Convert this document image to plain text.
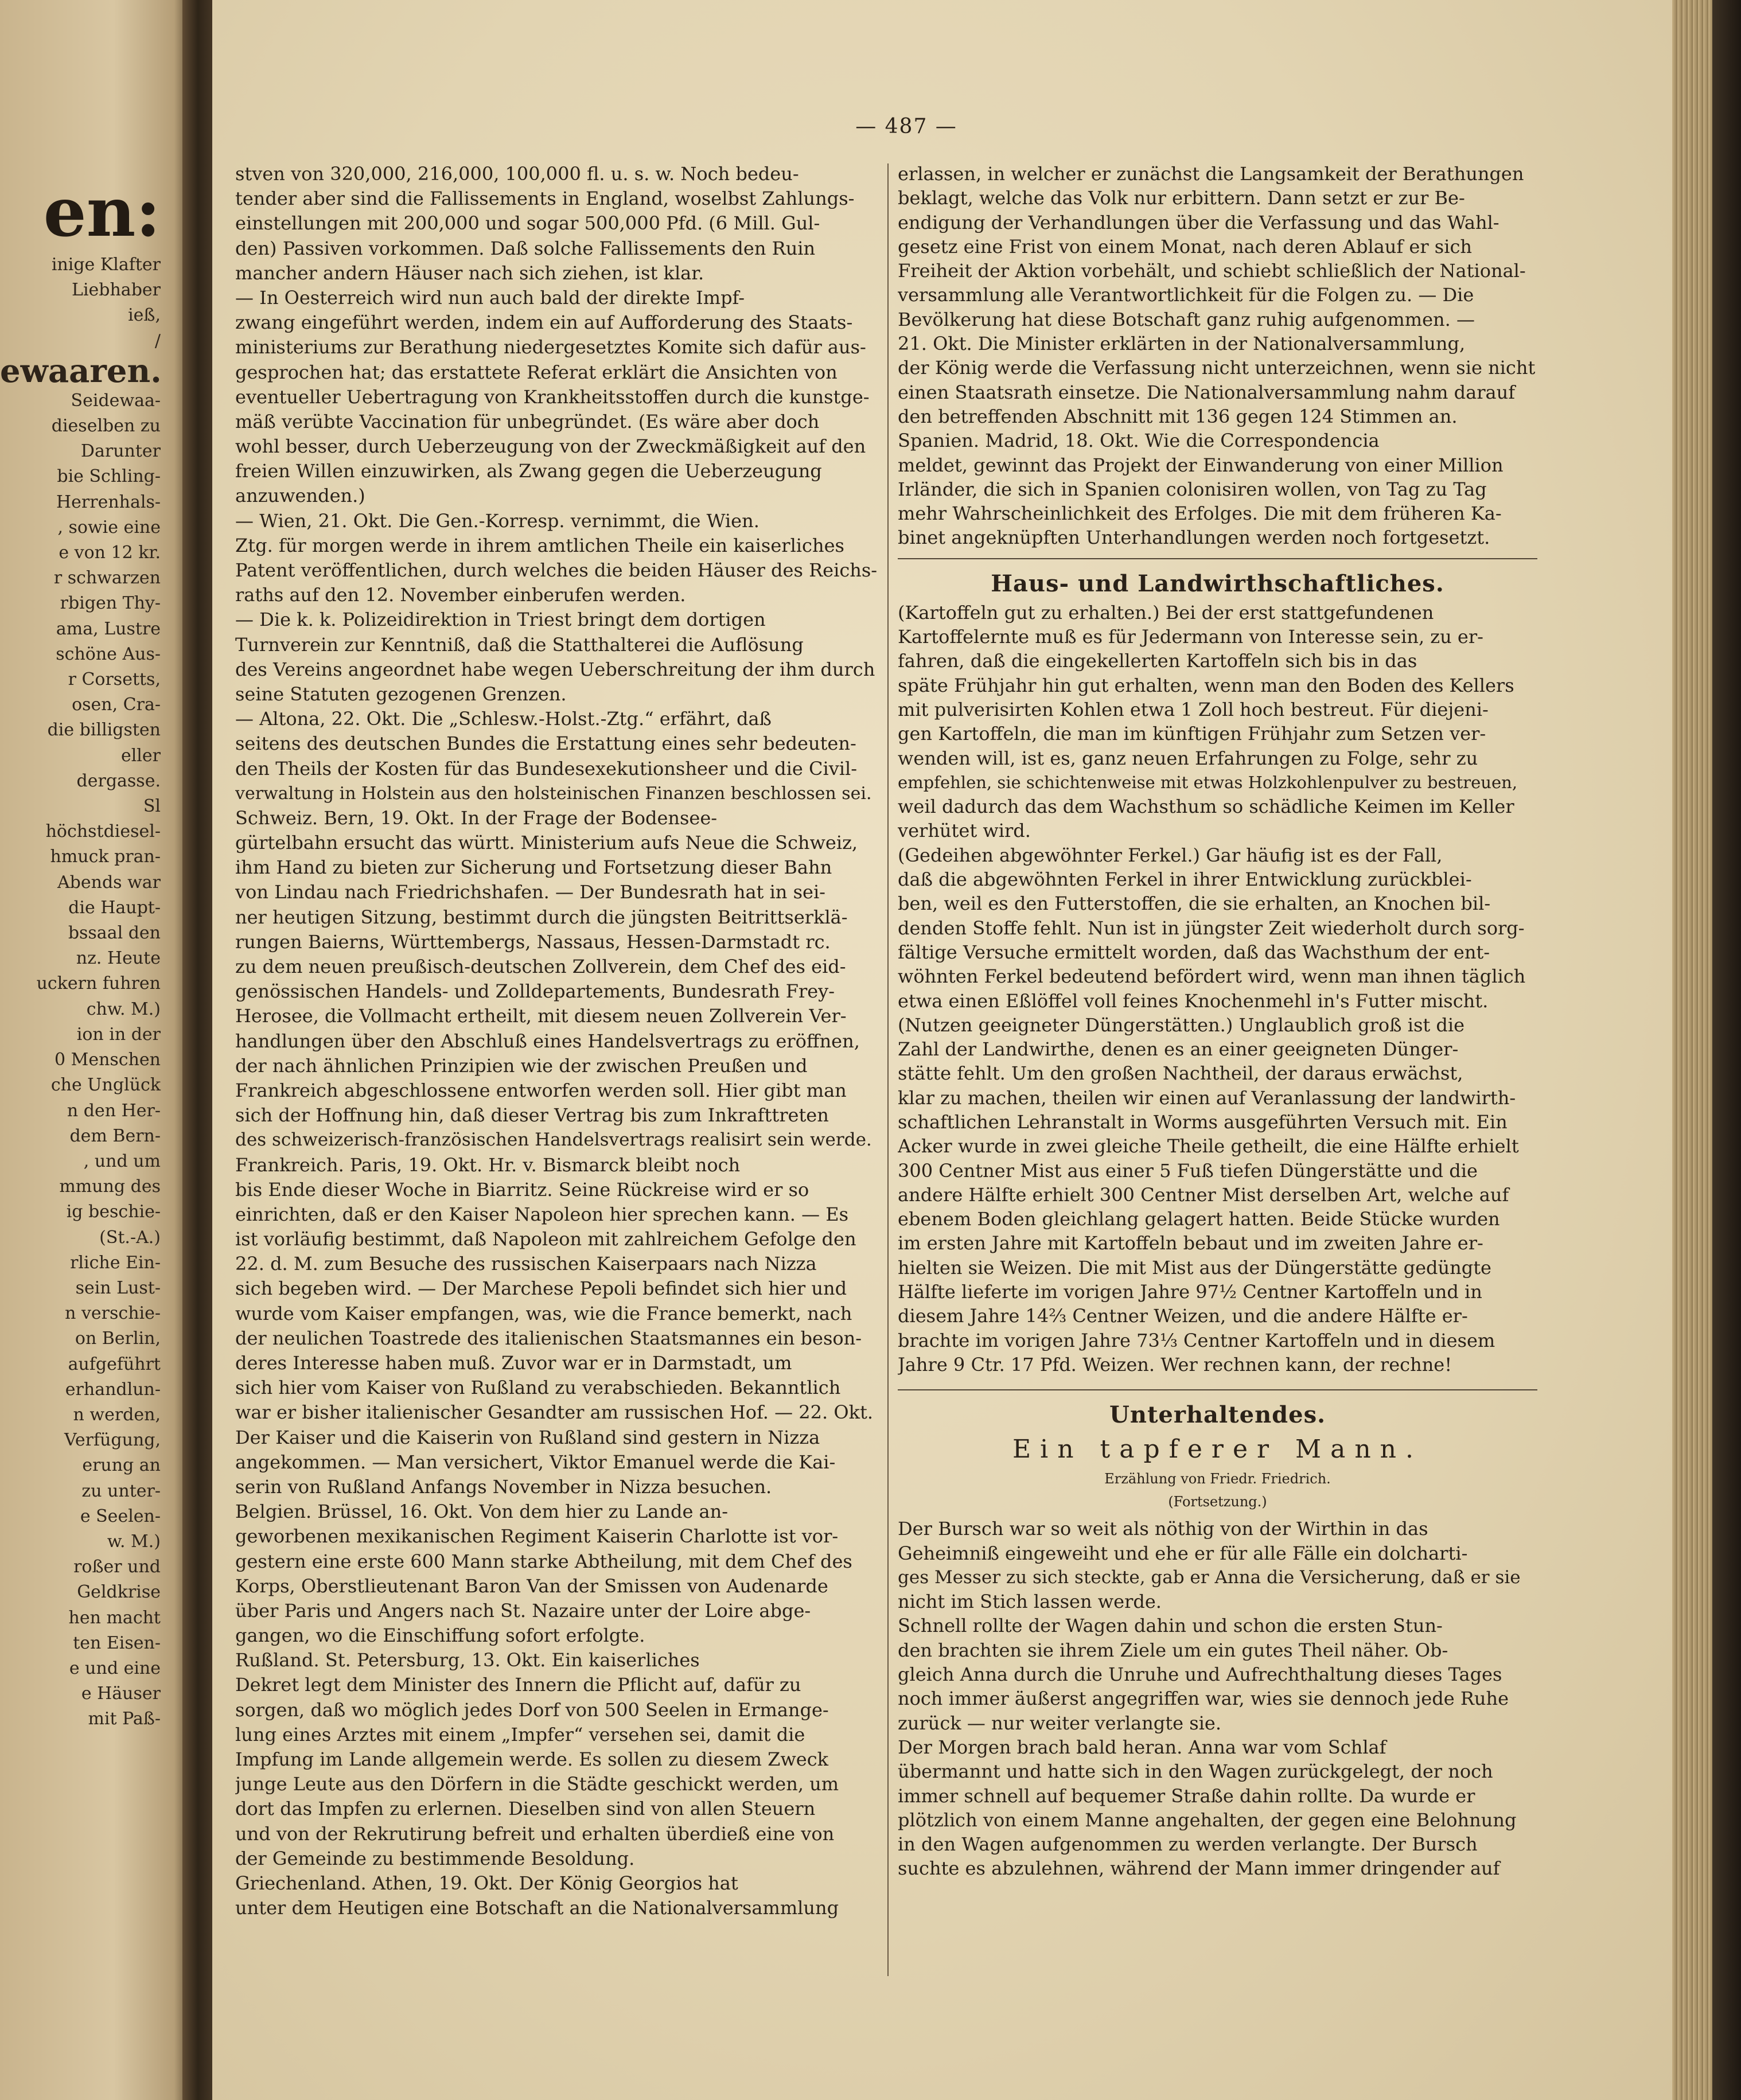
en:
inige Klafter
Liebhaber
ieß,
/
ewaaren.
Seidewaa-
dieselben zu
Darunter
bie Schling-
Herrenhals-
, sowie eine
e von 12 kr.
r schwarzen
rbigen Thy-
ama, Lustre
schöne Aus-
r Corsetts,
osen, Cra-
die billigsten
eller
dergasse.
Sl
höchstdiesel-
hmuck pran-
Abends war
die Haupt-
bssaal den
nz. Heute
uckern fuhren
chw. M.)
ion in der
0 Menschen
che Unglück
n den Her-
dem Bern-
, und um
mmung des
ig beschie-
(St.-A.)
rliche Ein-
sein Lust-
n verschie-
on Berlin,
aufgeführt
erhandlun-
n werden,
Verfügung,
erung an
zu unter-
e Seelen-
w. M.)
roßer und
Geldkrise
hen macht
ten Eisen-
e und eine
e Häuser
mit Paß-
— 487 —
stven von 320,000, 216,000, 100,000 fl. u. s. w. Noch bedeu-
tender aber sind die Fallissements in England, woselbst Zahlungs-
einstellungen mit 200,000 und sogar 500,000 Pfd. (6 Mill. Gul-
den) Passiven vorkommen. Daß solche Fallissements den Ruin
mancher andern Häuser nach sich ziehen, ist klar.
— In Oesterreich wird nun auch bald der direkte Impf-
zwang eingeführt werden, indem ein auf Aufforderung des Staats-
ministeriums zur Berathung niedergesetztes Komite sich dafür aus-
gesprochen hat; das erstattete Referat erklärt die Ansichten von
eventueller Uebertragung von Krankheitsstoffen durch die kunstge-
mäß verübte Vaccination für unbegründet. (Es wäre aber doch
wohl besser, durch Ueberzeugung von der Zweckmäßigkeit auf den
freien Willen einzuwirken, als Zwang gegen die Ueberzeugung
anzuwenden.)
— Wien, 21. Okt. Die Gen.-Korresp. vernimmt, die Wien.
Ztg. für morgen werde in ihrem amtlichen Theile ein kaiserliches
Patent veröffentlichen, durch welches die beiden Häuser des Reichs-
raths auf den 12. November einberufen werden.
— Die k. k. Polizeidirektion in Triest bringt dem dortigen
Turnverein zur Kenntniß, daß die Statthalterei die Auflösung
des Vereins angeordnet habe wegen Ueberschreitung der ihm durch
seine Statuten gezogenen Grenzen.
— Altona, 22. Okt. Die „Schlesw.-Holst.-Ztg.“ erfährt, daß
seitens des deutschen Bundes die Erstattung eines sehr bedeuten-
den Theils der Kosten für das Bundesexekutionsheer und die Civil-
verwaltung in Holstein aus den holsteinischen Finanzen beschlossen sei.
Schweiz. Bern, 19. Okt. In der Frage der Bodensee-
gürtelbahn ersucht das württ. Ministerium aufs Neue die Schweiz,
ihm Hand zu bieten zur Sicherung und Fortsetzung dieser Bahn
von Lindau nach Friedrichshafen. — Der Bundesrath hat in sei-
ner heutigen Sitzung, bestimmt durch die jüngsten Beitrittserklä-
rungen Baierns, Württembergs, Nassaus, Hessen-Darmstadt rc.
zu dem neuen preußisch-deutschen Zollverein, dem Chef des eid-
genössischen Handels- und Zolldepartements, Bundesrath Frey-
Herosee, die Vollmacht ertheilt, mit diesem neuen Zollverein Ver-
handlungen über den Abschluß eines Handelsvertrags zu eröffnen,
der nach ähnlichen Prinzipien wie der zwischen Preußen und
Frankreich abgeschlossene entworfen werden soll. Hier gibt man
sich der Hoffnung hin, daß dieser Vertrag bis zum Inkrafttreten
des schweizerisch-französischen Handelsvertrags realisirt sein werde.
Frankreich. Paris, 19. Okt. Hr. v. Bismarck bleibt noch
bis Ende dieser Woche in Biarritz. Seine Rückreise wird er so
einrichten, daß er den Kaiser Napoleon hier sprechen kann. — Es
ist vorläufig bestimmt, daß Napoleon mit zahlreichem Gefolge den
22. d. M. zum Besuche des russischen Kaiserpaars nach Nizza
sich begeben wird. — Der Marchese Pepoli befindet sich hier und
wurde vom Kaiser empfangen, was, wie die France bemerkt, nach
der neulichen Toastrede des italienischen Staatsmannes ein beson-
deres Interesse haben muß. Zuvor war er in Darmstadt, um
sich hier vom Kaiser von Rußland zu verabschieden. Bekanntlich
war er bisher italienischer Gesandter am russischen Hof. — 22. Okt.
Der Kaiser und die Kaiserin von Rußland sind gestern in Nizza
angekommen. — Man versichert, Viktor Emanuel werde die Kai-
serin von Rußland Anfangs November in Nizza besuchen.
Belgien. Brüssel, 16. Okt. Von dem hier zu Lande an-
geworbenen mexikanischen Regiment Kaiserin Charlotte ist vor-
gestern eine erste 600 Mann starke Abtheilung, mit dem Chef des
Korps, Oberstlieutenant Baron Van der Smissen von Audenarde
über Paris und Angers nach St. Nazaire unter der Loire abge-
gangen, wo die Einschiffung sofort erfolgte.
Rußland. St. Petersburg, 13. Okt. Ein kaiserliches
Dekret legt dem Minister des Innern die Pflicht auf, dafür zu
sorgen, daß wo möglich jedes Dorf von 500 Seelen in Ermange-
lung eines Arztes mit einem „Impfer“ versehen sei, damit die
Impfung im Lande allgemein werde. Es sollen zu diesem Zweck
junge Leute aus den Dörfern in die Städte geschickt werden, um
dort das Impfen zu erlernen. Dieselben sind von allen Steuern
und von der Rekrutirung befreit und erhalten überdieß eine von
der Gemeinde zu bestimmende Besoldung.
Griechenland. Athen, 19. Okt. Der König Georgios hat
unter dem Heutigen eine Botschaft an die Nationalversammlung
erlassen, in welcher er zunächst die Langsamkeit der Berathungen
beklagt, welche das Volk nur erbittern. Dann setzt er zur Be-
endigung der Verhandlungen über die Verfassung und das Wahl-
gesetz eine Frist von einem Monat, nach deren Ablauf er sich
Freiheit der Aktion vorbehält, und schiebt schließlich der National-
versammlung alle Verantwortlichkeit für die Folgen zu. — Die
Bevölkerung hat diese Botschaft ganz ruhig aufgenommen. —
21. Okt. Die Minister erklärten in der Nationalversammlung,
der König werde die Verfassung nicht unterzeichnen, wenn sie nicht
einen Staatsrath einsetze. Die Nationalversammlung nahm darauf
den betreffenden Abschnitt mit 136 gegen 124 Stimmen an.
Spanien. Madrid, 18. Okt. Wie die Correspondencia
meldet, gewinnt das Projekt der Einwanderung von einer Million
Irländer, die sich in Spanien colonisiren wollen, von Tag zu Tag
mehr Wahrscheinlichkeit des Erfolges. Die mit dem früheren Ka-
binet angeknüpften Unterhandlungen werden noch fortgesetzt.
Haus- und Landwirthschaftliches.
(Kartoffeln gut zu erhalten.) Bei der erst stattgefundenen
Kartoffelernte muß es für Jedermann von Interesse sein, zu er-
fahren, daß die eingekellerten Kartoffeln sich bis in das
späte Frühjahr hin gut erhalten, wenn man den Boden des Kellers
mit pulverisirten Kohlen etwa 1 Zoll hoch bestreut. Für diejeni-
gen Kartoffeln, die man im künftigen Frühjahr zum Setzen ver-
wenden will, ist es, ganz neuen Erfahrungen zu Folge, sehr zu
empfehlen, sie schichtenweise mit etwas Holzkohlenpulver zu bestreuen,
weil dadurch das dem Wachsthum so schädliche Keimen im Keller
verhütet wird.
(Gedeihen abgewöhnter Ferkel.) Gar häufig ist es der Fall,
daß die abgewöhnten Ferkel in ihrer Entwicklung zurückblei-
ben, weil es den Futterstoffen, die sie erhalten, an Knochen bil-
denden Stoffe fehlt. Nun ist in jüngster Zeit wiederholt durch sorg-
fältige Versuche ermittelt worden, daß das Wachsthum der ent-
wöhnten Ferkel bedeutend befördert wird, wenn man ihnen täglich
etwa einen Eßlöffel voll feines Knochenmehl in's Futter mischt.
(Nutzen geeigneter Düngerstätten.) Unglaublich groß ist die
Zahl der Landwirthe, denen es an einer geeigneten Dünger-
stätte fehlt. Um den großen Nachtheil, der daraus erwächst,
klar zu machen, theilen wir einen auf Veranlassung der landwirth-
schaftlichen Lehranstalt in Worms ausgeführten Versuch mit. Ein
Acker wurde in zwei gleiche Theile getheilt, die eine Hälfte erhielt
300 Centner Mist aus einer 5 Fuß tiefen Düngerstätte und die
andere Hälfte erhielt 300 Centner Mist derselben Art, welche auf
ebenem Boden gleichlang gelagert hatten. Beide Stücke wurden
im ersten Jahre mit Kartoffeln bebaut und im zweiten Jahre er-
hielten sie Weizen. Die mit Mist aus der Düngerstätte gedüngte
Hälfte lieferte im vorigen Jahre 97½ Centner Kartoffeln und in
diesem Jahre 14⅔ Centner Weizen, und die andere Hälfte er-
brachte im vorigen Jahre 73⅓ Centner Kartoffeln und in diesem
Jahre 9 Ctr. 17 Pfd. Weizen. Wer rechnen kann, der rechne!
Unterhaltendes.
Ein tapferer Mann.
Erzählung von Friedr. Friedrich.
(Fortsetzung.)
Der Bursch war so weit als nöthig von der Wirthin in das
Geheimniß eingeweiht und ehe er für alle Fälle ein dolcharti-
ges Messer zu sich steckte, gab er Anna die Versicherung, daß er sie
nicht im Stich lassen werde.
Schnell rollte der Wagen dahin und schon die ersten Stun-
den brachten sie ihrem Ziele um ein gutes Theil näher. Ob-
gleich Anna durch die Unruhe und Aufrechthaltung dieses Tages
noch immer äußerst angegriffen war, wies sie dennoch jede Ruhe
zurück — nur weiter verlangte sie.
Der Morgen brach bald heran. Anna war vom Schlaf
übermannt und hatte sich in den Wagen zurückgelegt, der noch
immer schnell auf bequemer Straße dahin rollte. Da wurde er
plötzlich von einem Manne angehalten, der gegen eine Belohnung
in den Wagen aufgenommen zu werden verlangte. Der Bursch
suchte es abzulehnen, während der Mann immer dringender auf
